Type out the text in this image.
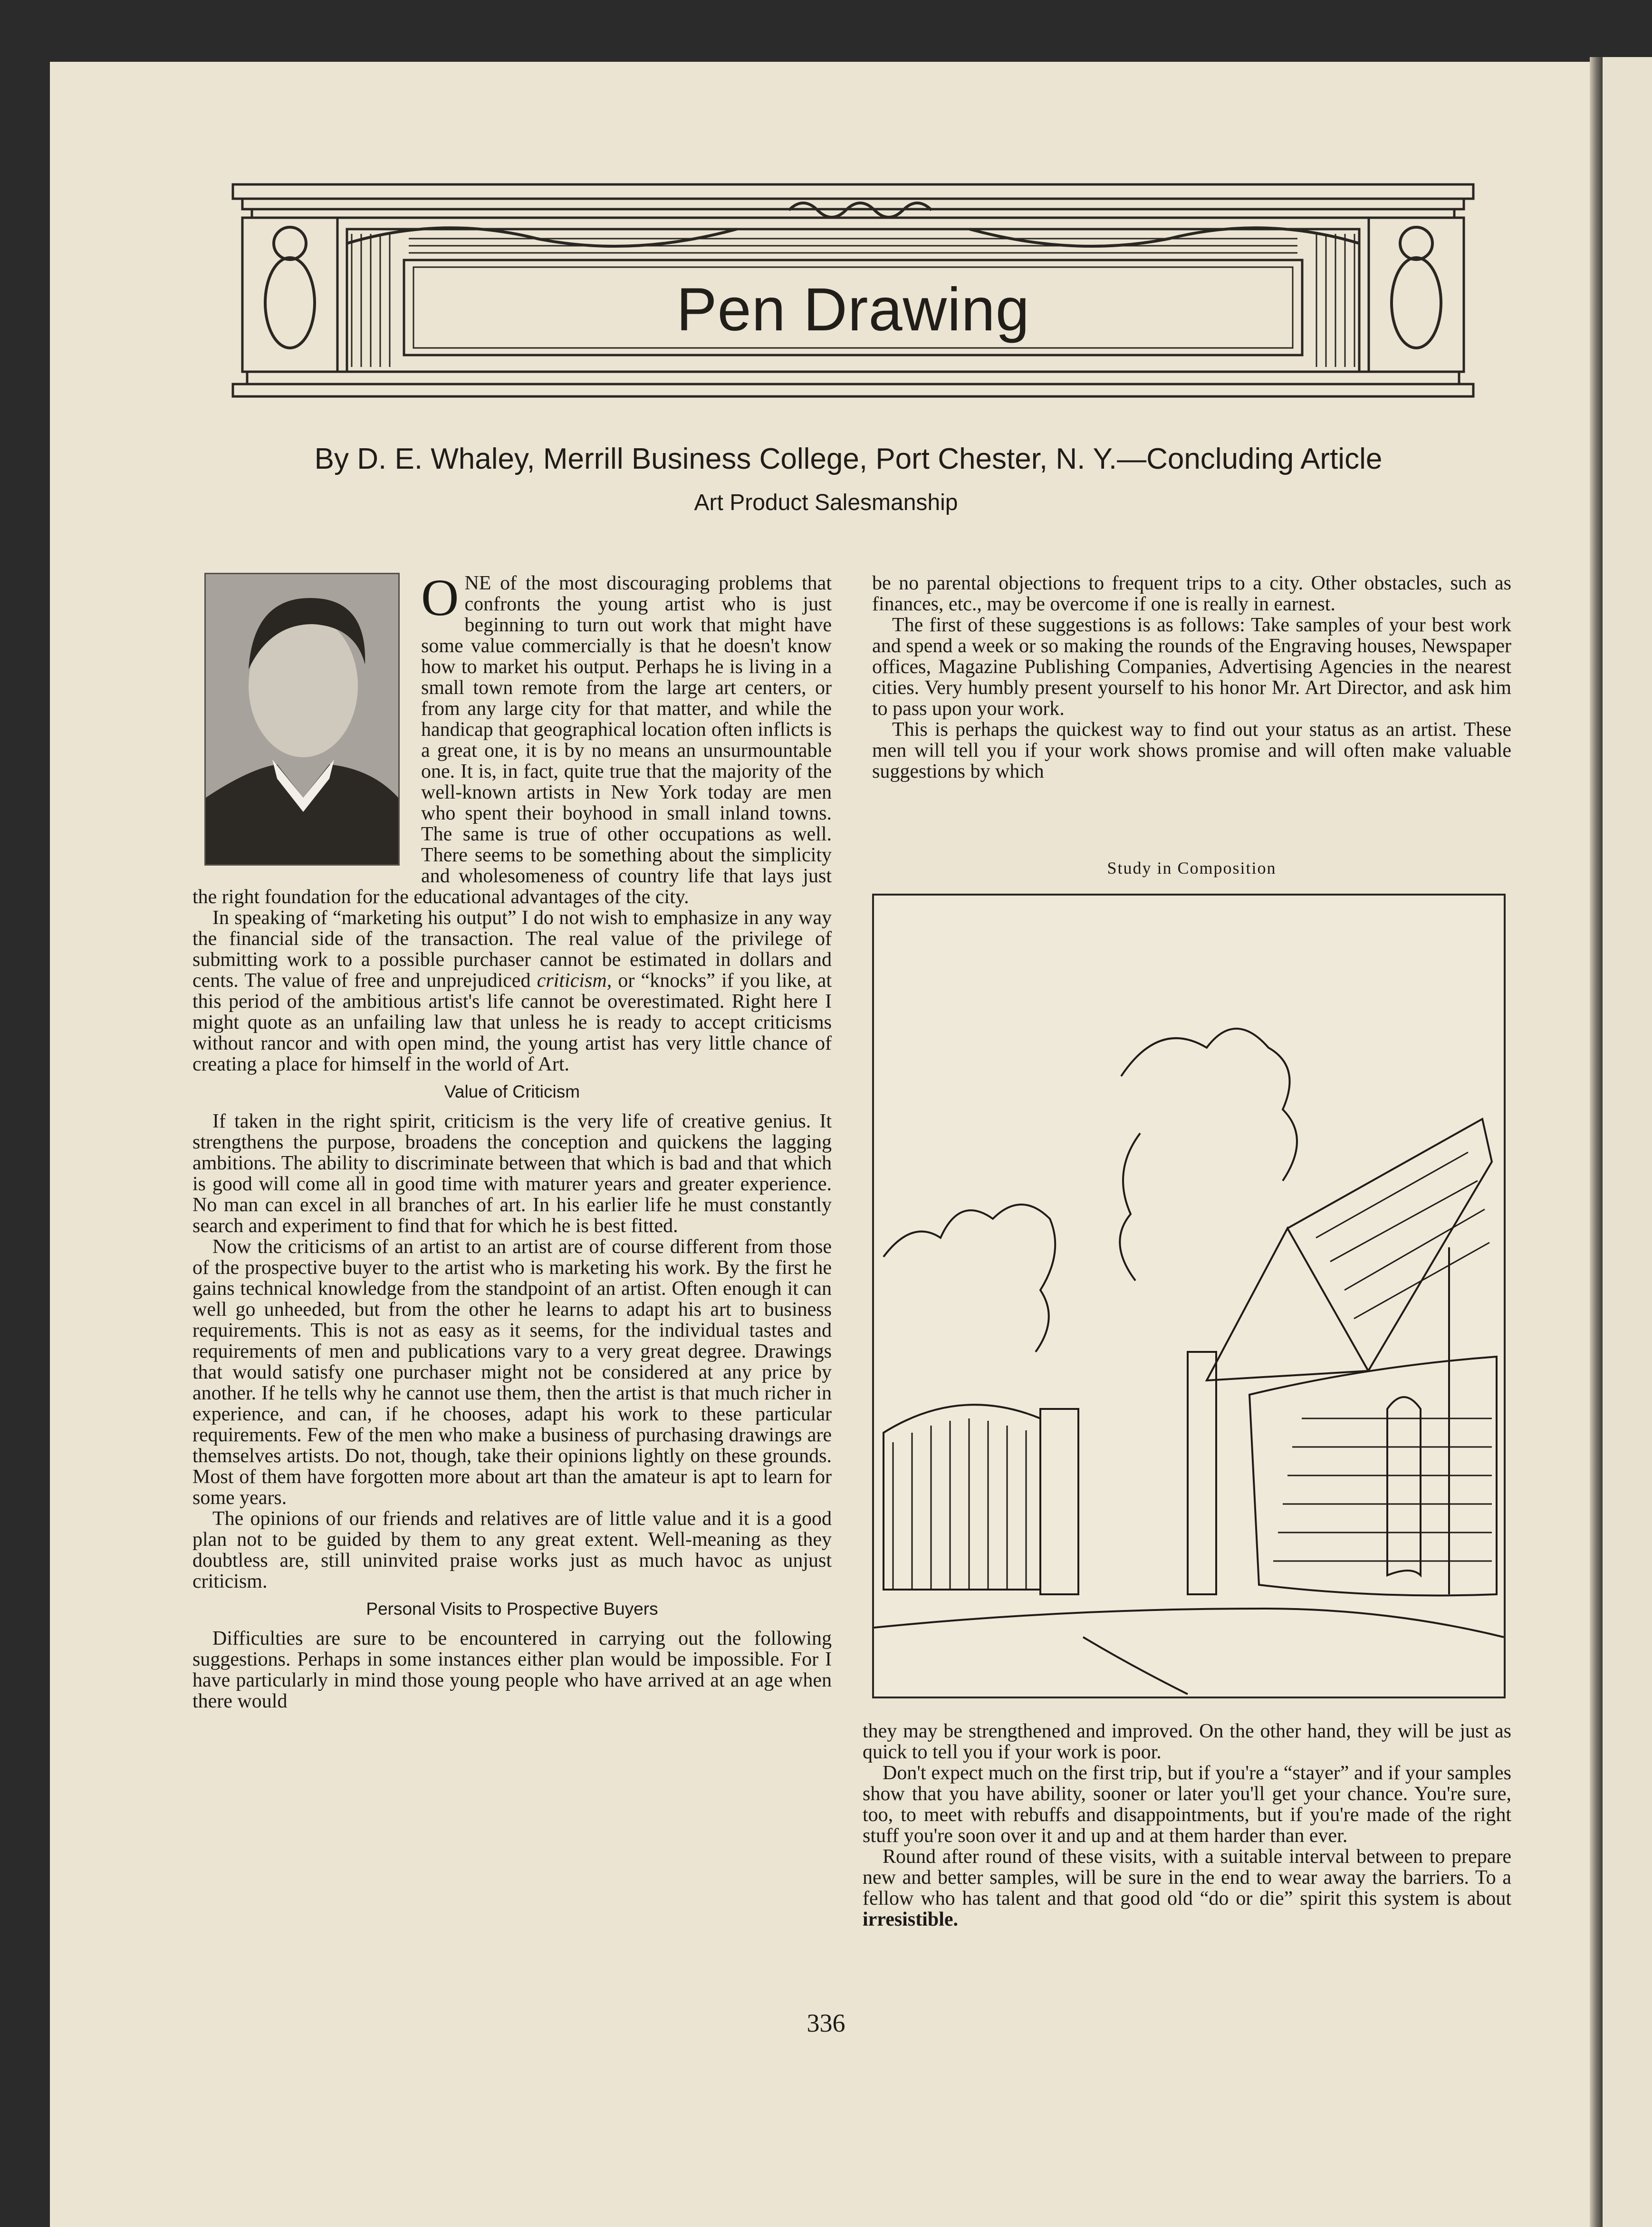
Pen Drawing
By D. E. Whaley, Merrill Business College, Port Chester, N. Y.—Concluding Article
Art Product Salesmanship

ONE of the most discouraging problems that confronts the young artist who is just beginning to turn out work that might have some value commercially is that he doesn't know how to market his output. Perhaps he is living in a small town remote from the large art centers, or from any large city for that matter, and while the handicap that geographical location often inflicts is a great one, it is by no means an unsurmountable one. It is, in fact, quite true that the majority of the well-known artists in New York today are men who spent their boyhood in small inland towns. The same is true of other occupations as well. There seems to be something about the simplicity and wholesomeness of country life that lays just the right foundation for the educational advantages of the city.

In speaking of “marketing his output” I do not wish to emphasize in any way the financial side of the transaction. The real value of the privilege of submitting work to a possible purchaser cannot be estimated in dollars and cents. The value of free and unprejudiced criticism, or “knocks” if you like, at this period of the ambitious artist's life cannot be overestimated. Right here I might quote as an unfailing law that unless he is ready to accept criticisms without rancor and with open mind, the young artist has very little chance of creating a place for himself in the world of Art.

Value of Criticism

If taken in the right spirit, criticism is the very life of creative genius. It strengthens the purpose, broadens the conception and quickens the lagging ambitions. The ability to discriminate between that which is bad and that which is good will come all in good time with maturer years and greater experience. No man can excel in all branches of art. In his earlier life he must constantly search and experiment to find that for which he is best fitted.

Now the criticisms of an artist to an artist are of course different from those of the prospective buyer to the artist who is marketing his work. By the first he gains technical knowledge from the standpoint of an artist. Often enough it can well go unheeded, but from the other he learns to adapt his art to business requirements. This is not as easy as it seems, for the individual tastes and requirements of men and publications vary to a very great degree. Drawings that would satisfy one purchaser might not be considered at any price by another. If he tells why he cannot use them, then the artist is that much richer in experience, and can, if he chooses, adapt his work to these particular requirements. Few of the men who make a business of purchasing drawings are themselves artists. Do not, though, take their opinions lightly on these grounds. Most of them have forgotten more about art than the amateur is apt to learn for some years.

The opinions of our friends and relatives are of little value and it is a good plan not to be guided by them to any great extent. Well-meaning as they doubtless are, still uninvited praise works just as much havoc as unjust criticism.

Personal Visits to Prospective Buyers

Difficulties are sure to be encountered in carrying out the following suggestions. Perhaps in some instances either plan would be impossible. For I have particularly in mind those young people who have arrived at an age when there would

be no parental objections to frequent trips to a city. Other obstacles, such as finances, etc., may be overcome if one is really in earnest.

The first of these suggestions is as follows: Take samples of your best work and spend a week or so making the rounds of the Engraving houses, Newspaper offices, Magazine Publishing Companies, Advertising Agencies in the nearest cities. Very humbly present yourself to his honor Mr. Art Director, and ask him to pass upon your work.

This is perhaps the quickest way to find out your status as an artist. These men will tell you if your work shows promise and will often make valuable suggestions by which

Study in Composition

they may be strengthened and improved. On the other hand, they will be just as quick to tell you if your work is poor.

Don't expect much on the first trip, but if you're a “stayer” and if your samples show that you have ability, sooner or later you'll get your chance. You're sure, too, to meet with rebuffs and disappointments, but if you're made of the right stuff you're soon over it and up and at them harder than ever.

Round after round of these visits, with a suitable interval between to prepare new and better samples, will be sure in the end to wear away the barriers. To a fellow who has talent and that good old “do or die” spirit this system is about irresistible.

336
